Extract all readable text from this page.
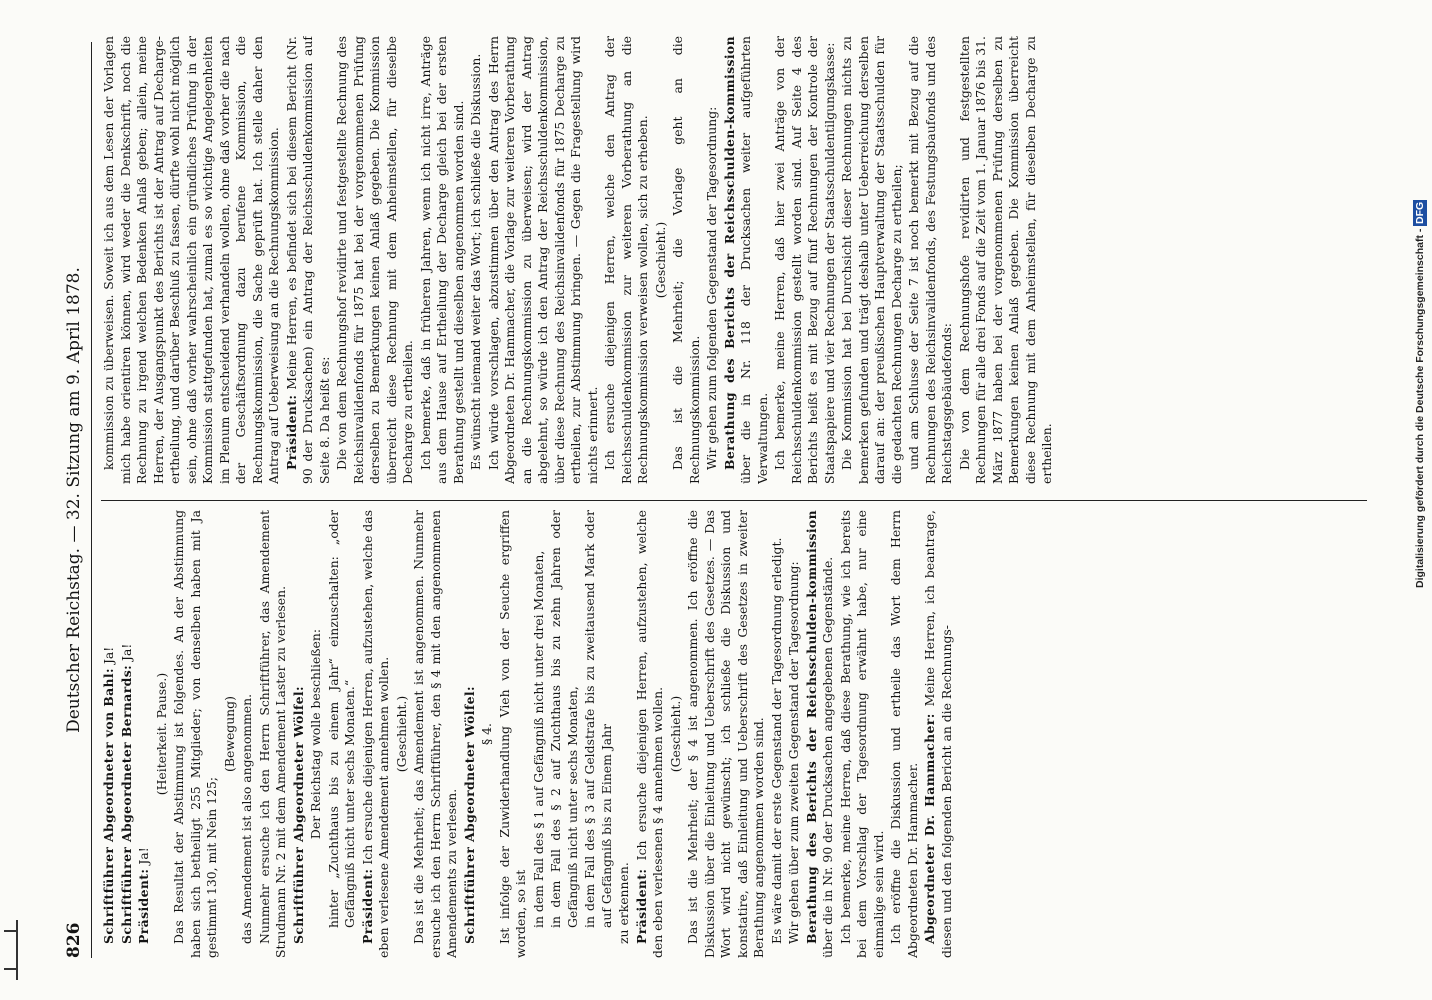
Digitalisierung gefördert durch die Deutsche Forschungsgemeinschaft - DFG
826
Deutscher Reichstag. — 32. Sitzung am 9. April 1878.

Schriftführer Abgeordneter von Bahl: Ja!

Schriftführer Abgeordneter Bernards: Ja!

Präsident: Ja!

(Heiterkeit. Pause.) Das Resultat der Abstimmung ist folgendes. An der Abstimmung haben sich betheiligt 255 Mitglieder; von denselben haben mit Ja gestimmt 130, mit Nein 125;

(Bewegung) das Amendement ist also angenommen. Nunmehr ersuche ich den Herrn Schriftführer, das Amendement Strudmann Nr. 2 mit dem Amendement Laster zu verlesen. Schriftführer Abgeordneter Wölfel: Der Reichstag wolle beschließen: hinter „Zuchthaus bis zu einem Jahr“ einzuschalten: „oder Gefängniß nicht unter sechs Monaten.“ Präsident: Ich ersuche diejenigen Herren, aufzustehen, welche das eben verlesene Amendement annehmen wollen. (Geschieht.) Das ist die Mehrheit; das Amendement ist angenommen. Nunmehr ersuche ich den Herrn Schriftführer, den § 4 mit den angenommenen Amendements zu verlesen. Schriftführer Abgeordneter Wölfel: § 4. Ist infolge der Zuwiderhandlung Vieh von der Seuche ergriffen worden, so ist in dem Fall des § 1 auf Gefängniß nicht unter drei Monaten, in dem Fall des § 2 auf Zuchthaus bis zu zehn Jahren oder Gefängniß nicht unter sechs Monaten, in dem Fall des § 3 auf Geldstrafe bis zu zweitausend Mark oder auf Gefängniß bis zu Einem Jahr zu erkennen. Präsident: Ich ersuche diejenigen Herren, aufzustehen, welche den eben verlesenen § 4 annehmen wollen. (Geschieht.) Das ist die Mehrheit; der § 4 ist angenommen. Ich eröffne die Diskussion über die Einleitung und Ueberschrift des Gesetzes. — Das Wort wird nicht gewünscht; ich schließe die Diskussion und konstatire, daß Einleitung und Ueberschrift des Gesetzes in zweiter Berathung angenommen worden sind. Es wäre damit der erste Gegenstand der Tagesordnung erledigt. Wir gehen über zum zweiten Gegenstand der Tagesordnung: Berathung des Berichts der Reichsschulden-kommission über die in Nr. 90 der Drucksachen angegebenen Gegenstände. Ich bemerke, meine Herren, daß diese Berathung, wie ich bereits bei dem Vorschlag der Tagesordnung erwähnt habe, nur eine einmalige sein wird. Ich eröffne die Diskussion und ertheile das Wort dem Herrn Abgeordneten Dr. Hammacher. Abgeordneter Dr. Hammacher: Meine Herren, ich beantrage, diesen und den folgenden Bericht an die Rechnungs-

kommission zu überweisen. Soweit ich aus dem Lesen der Vorlagen mich habe orientiren können, wird weder die Denkschrift, noch die Rechnung zu irgend welchen Bedenken Anlaß geben; allein, meine Herren, der Ausgangspunkt des Berichts ist der Antrag auf Decharge-ertheilung, und darüber Beschluß zu fassen, dürfte wohl nicht möglich sein, ohne daß vorher wahrscheinlich ein gründliches Prüfung in der Kommission stattgefunden hat, zumal es so wichtige Angelegenheiten im Plenum entscheidend verhandeln wollen, ohne daß vorher die nach der Geschäftsordnung dazu berufene Kommission, die Rechnungskommission, die Sache geprüft hat. Ich stelle daher den Antrag auf Ueberweisung an die Rechnungskommission. Präsident: Meine Herren, es befindet sich bei diesem Bericht (Nr. 90 der Drucksachen) ein Antrag der Reichsschuldenkommission auf Seite 8. Da heißt es: Die von dem Rechnungshof revidirte und festgestellte Rechnung des Reichsinvalidenfonds für 1875 hat bei der vorgenommenen Prüfung derselben zu Bemerkungen keinen Anlaß gegeben. Die Kommission überreicht diese Rechnung mit dem Anheimstellen, für dieselbe Decharge zu ertheilen. Ich bemerke, daß in früheren Jahren, wenn ich nicht irre, Anträge aus dem Hause auf Ertheilung der Decharge gleich bei der ersten Berathung gestellt und dieselben angenommen worden sind. Es wünscht niemand weiter das Wort; ich schließe die Diskussion. Ich würde vorschlagen, abzustimmen über den Antrag des Herrn Abgeordneten Dr. Hammacher, die Vorlage zur weiteren Vorberathung an die Rechnungskommission zu überweisen; wird der Antrag abgelehnt, so würde ich den Antrag der Reichsschuldenkommission, über diese Rechnung des Reichsinvalidenfonds für 1875 Decharge zu ertheilen, zur Abstimmung bringen. — Gegen die Fragestellung wird nichts erinnert. Ich ersuche diejenigen Herren, welche den Antrag der Reichsschuldenkommission zur weiteren Vorberathung an die Rechnungskommission verweisen wollen, sich zu erheben. (Geschieht.) Das ist die Mehrheit; die Vorlage geht an die Rechnungskommission. Wir gehen zum folgenden Gegenstand der Tagesordnung: Berathung des Berichts der Reichsschulden-kommission über die in Nr. 118 der Drucksachen weiter aufgeführten Verwaltungen. Ich bemerke, meine Herren, daß hier zwei Anträge von der Reichsschuldenkommission gestellt worden sind. Auf Seite 4 des Berichts heißt es mit Bezug auf fünf Rechnungen der Kontrole der Staatspapiere und vier Rechnungen der Staatsschuldentilgungskasse: Die Kommission hat bei Durchsicht dieser Rechnungen nichts zu bemerken gefunden und trägt deshalb unter Ueberreichung derselben darauf an: der preußischen Hauptverwaltung der Staatsschulden für die gedachten Rechnungen Decharge zu ertheilen; und am Schlusse der Seite 7 ist noch bemerkt mit Bezug auf die Rechnungen des Reichsinvalidenfonds, des Festungsbaufonds und des Reichstagsgebäudefonds: Die von dem Rechnungshofe revidirten und festgestellten Rechnungen für alle drei Fonds auf die Zeit vom 1. Januar 1876 bis 31. März 1877 haben bei der vorgenommenen Prüfung derselben zu Bemerkungen keinen Anlaß gegeben. Die Kommission überreicht diese Rechnung mit dem Anheimstellen, für dieselben Decharge zu ertheilen.
